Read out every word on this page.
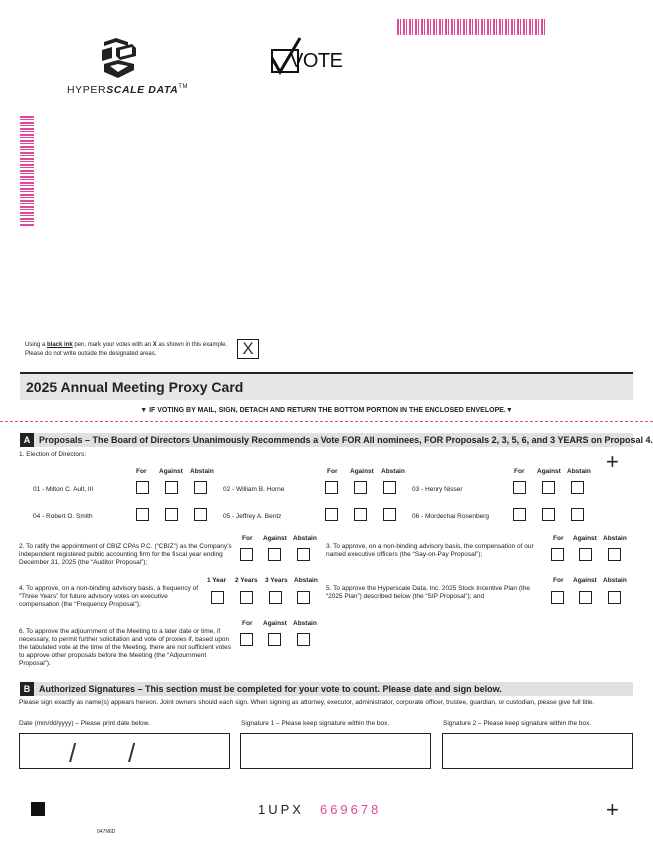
HYPERSCALE DATA™
VOTE
Using a black ink pen, mark your votes with an X as shown in this example.
Please do not write outside the designated areas.	X
2025 Annual Meeting Proxy Card
▼ IF VOTING BY MAIL, SIGN, DETACH AND RETURN THE BOTTOM PORTION IN THE ENCLOSED ENVELOPE.▼
A Proposals – The Board of Directors Unanimously Recommends a Vote FOR All nominees, FOR Proposals 2, 3, 5, 6, and 3 YEARS on Proposal 4.
1. Election of Directors:	+
For Against Abstain	For Against Abstain	For Against Abstain
01 - Milton C. Ault, III	02 - William B. Horne	03 - Henry Nisser
04 - Robert O. Smith	05 - Jeffrey A. Bentz	06 - Mordechai Rosenberg
2. To ratify the appointment of CBIZ CPAs P.C. (“CBIZ”) as the Company’s independent registered public accounting firm for the fiscal year ending December 31, 2025 (the “Auditor Proposal”);
For Against Abstain
3. To approve, on a non-binding advisory basis, the compensation of our named executive officers (the “Say-on-Pay Proposal”);
For Against Abstain
4. To approve, on a non-binding advisory basis, a frequency of “Three Years” for future advisory votes on executive compensation (the “Frequency Proposal”);
1 Year 2 Years 3 Years Abstain
5. To approve the Hyperscale Data, Inc. 2025 Stock Incentive Plan (the “2025 Plan”) described below (the “SIP Proposal”); and
For Against Abstain
6. To approve the adjournment of the Meeting to a later date or time, if necessary, to permit further solicitation and vote of proxies if, based upon the tabulated vote at the time of the Meeting, there are not sufficient votes to approve other proposals before the Meeting (the “Adjournment Proposal”).
For Against Abstain
B Authorized Signatures – This section must be completed for your vote to count. Please date and sign below.
Please sign exactly as name(s) appears hereon. Joint owners should each sign. When signing as attorney, executor, administrator, corporate officer, trustee, guardian, or custodian, please give full title.
Date (mm/dd/yyyy) – Please print date below.	Signature 1 – Please keep signature within the box.	Signature 2 – Please keep signature within the box.
/ /
1UPX 669678	+
047N6D
